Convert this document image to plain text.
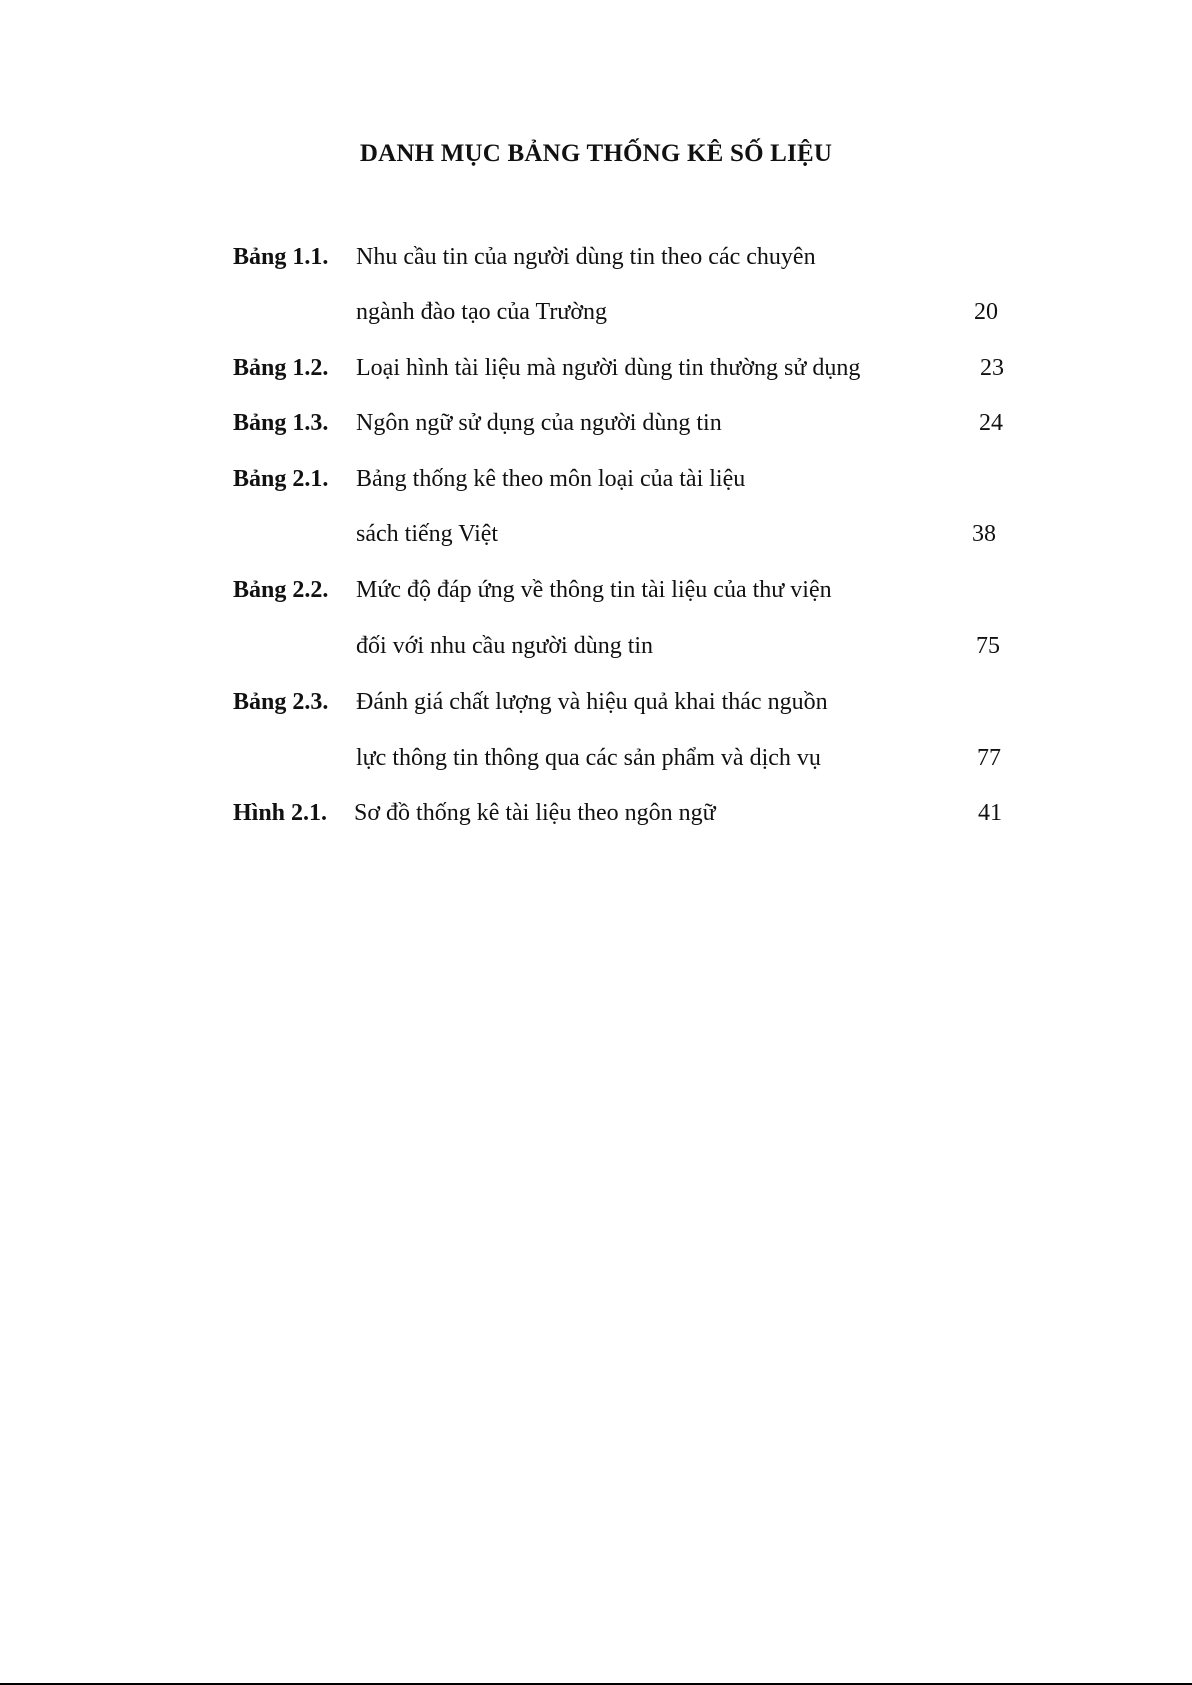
DANH MỤC BẢNG THỐNG KÊ SỐ LIỆU
Bảng 1.1. Nhu cầu tin của người dùng tin theo các chuyên
ngành đào tạo của Trường	20
Bảng 1.2. Loại hình tài liệu mà người dùng tin thường sử dụng	23
Bảng 1.3. Ngôn ngữ sử dụng của người dùng tin	24
Bảng 2.1. Bảng thống kê theo môn loại của tài liệu
sách tiếng Việt	38
Bảng 2.2. Mức độ đáp ứng về thông tin tài liệu của thư viện
đối với nhu cầu người dùng tin	75
Bảng 2.3. Đánh giá chất lượng và hiệu quả khai thác nguồn
lực thông tin thông qua các sản phẩm và dịch vụ	77
Hình 2.1. Sơ đồ thống kê tài liệu theo ngôn ngữ	41
